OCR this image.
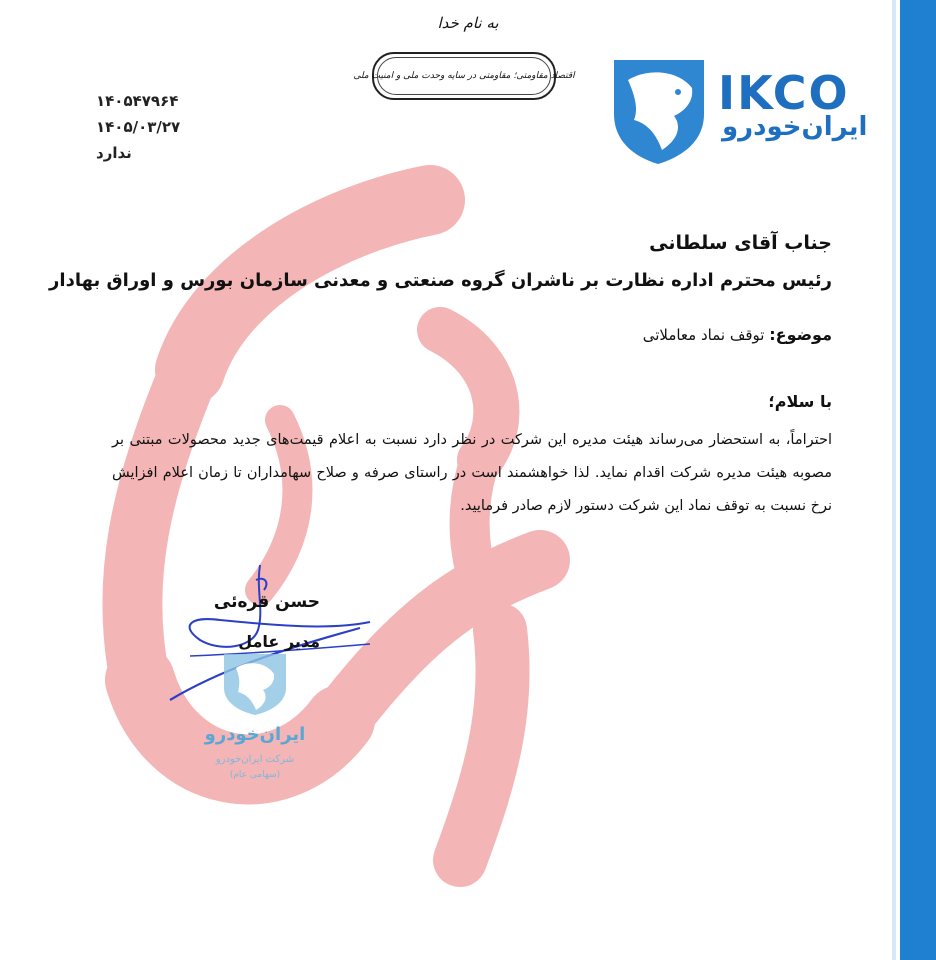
به نام خدا
اقتصاد مقاومتی؛ مقاومتی در سایه وحدت ملی و امنیت ملی	IKCO
ایران‌خودرو
۱۴۰۵۴۷۹۶۴
۱۴۰۵/۰۳/۲۷
ندارد
جناب آقای سلطانی
رئیس محترم اداره نظارت بر ناشران گروه صنعتی و معدنی سازمان بورس و اوراق بهادار
موضوع: توقف نماد معاملاتی
با سلام؛
احتراماً، به استحضار می‌رساند هیئت مدیره این شرکت در نظر دارد نسبت به اعلام قیمت‌های جدید محصولات مبتنی بر مصوبه هیئت مدیره شرکت اقدام نماید. لذا خواهشمند است در راستای صرفه و صلاح سهامداران تا زمان اعلام افزایش نرخ نسبت به توقف نماد این شرکت دستور لازم صادر فرمایید.
حسن قره‌ئی
مدیر عامل
ایران‌خودرو
شرکت ایران‌خودرو
(سهامی عام)
